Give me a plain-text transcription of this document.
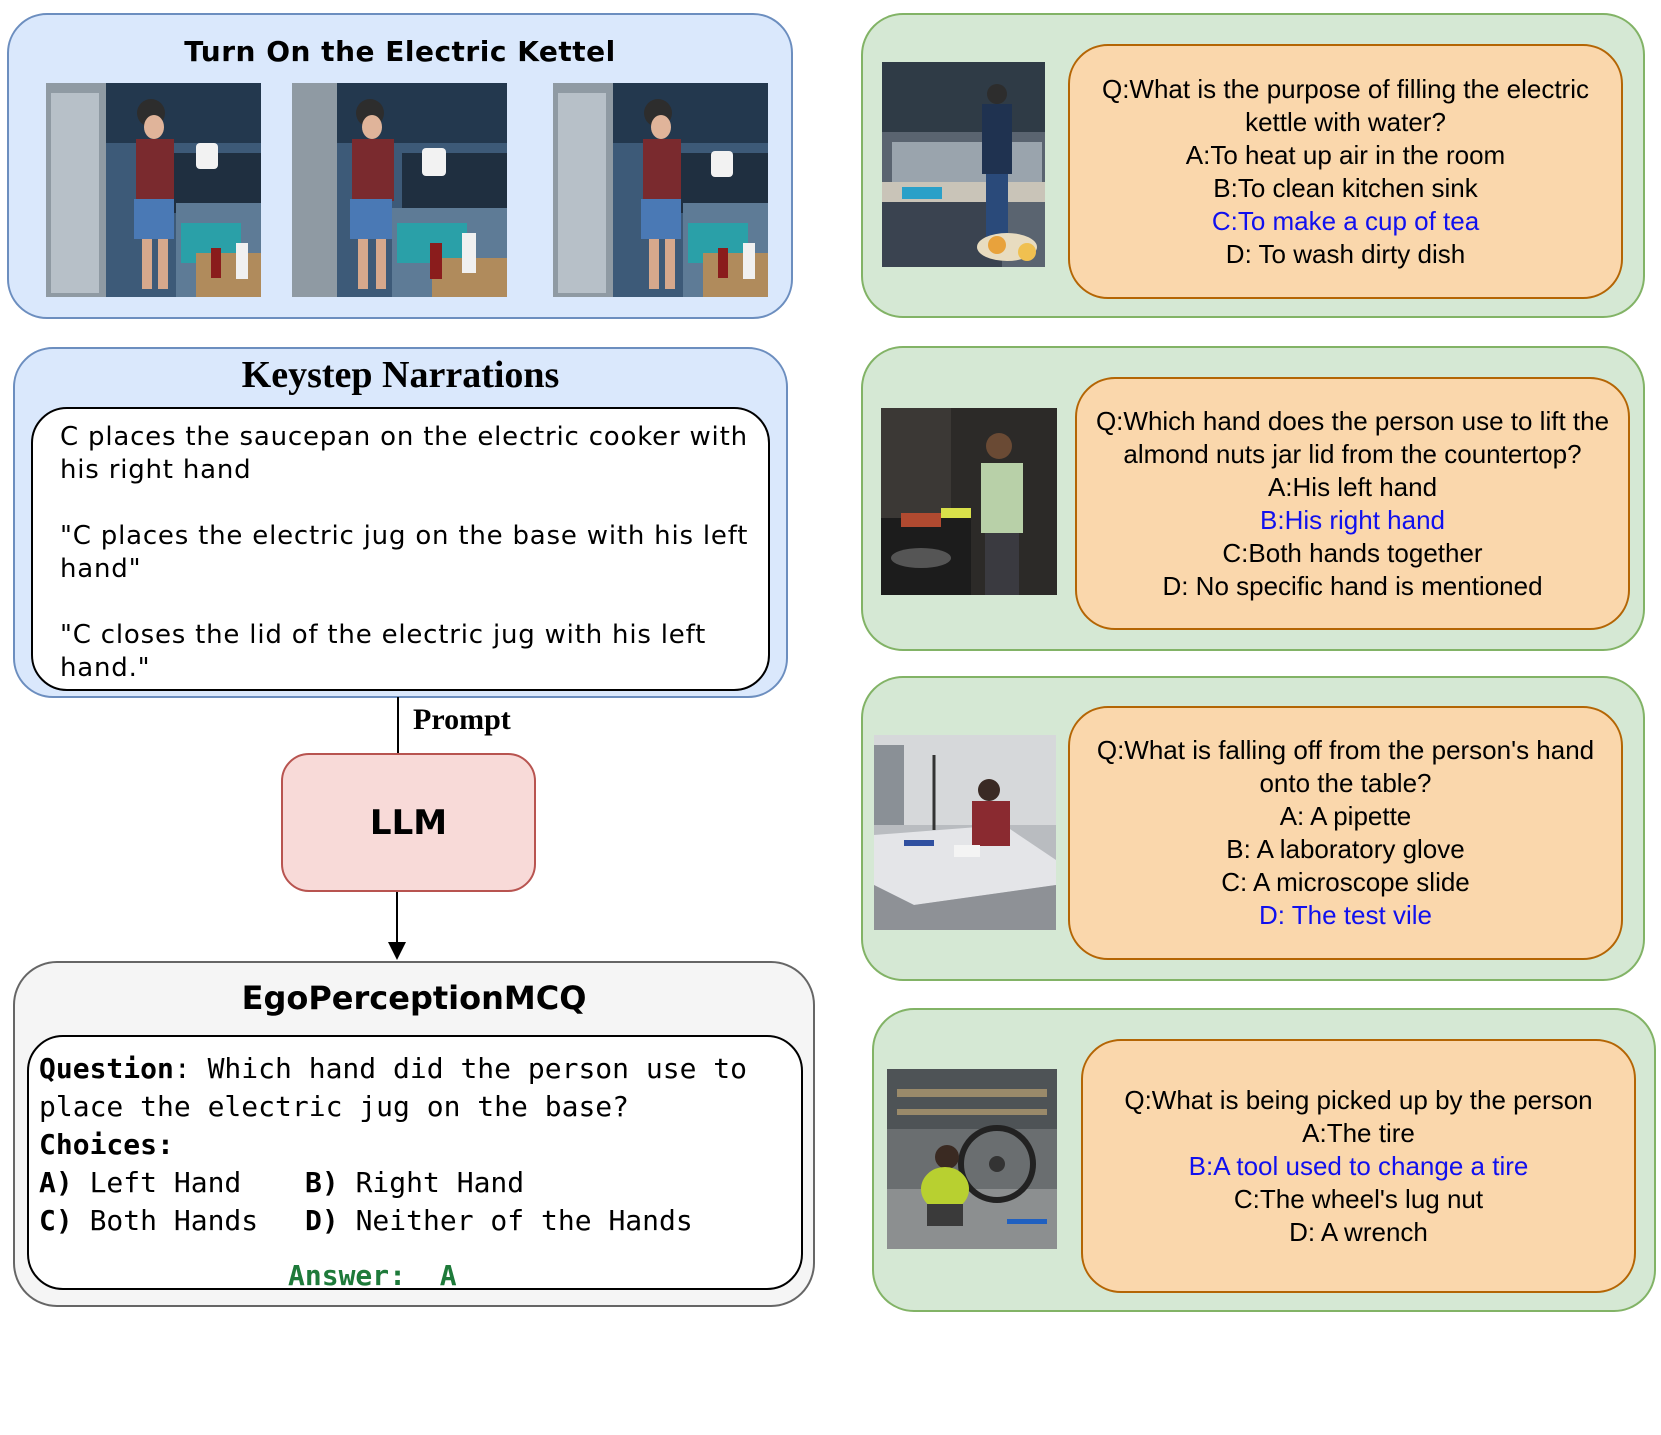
Turn On the Electric Kettel
Keystep Narrations

C places the saucepan on the electric cooker with his right hand

"C places the electric jug on the base with his left hand"

"C closes the lid of the electric jug with his left hand."

Prompt
LLM
EgoPerceptionMCQ
Question: Which hand did the person use to place the electric jug on the base?
Choices:
A) Left Hand	B) Right Hand
C) Both Hands	D) Neither of the Hands
Answer:  A
Q:What is the purpose of filling the electric kettle with water?
A:To heat up air in the room
B:To clean kitchen sink
C:To make a cup of tea
D: To wash dirty dish
Q:Which hand does the person use to lift the almond nuts jar lid from the countertop?
A:His left hand
B:His right hand
C:Both hands together
D: No specific hand is mentioned
Q:What is falling off from the person's hand onto the table?
A: A pipette
B: A laboratory glove
C: A microscope slide
D: The test vile
Q:What is being picked up by the person
A:The tire
B:A tool used to change a tire
C:The wheel's lug nut
D: A wrench
